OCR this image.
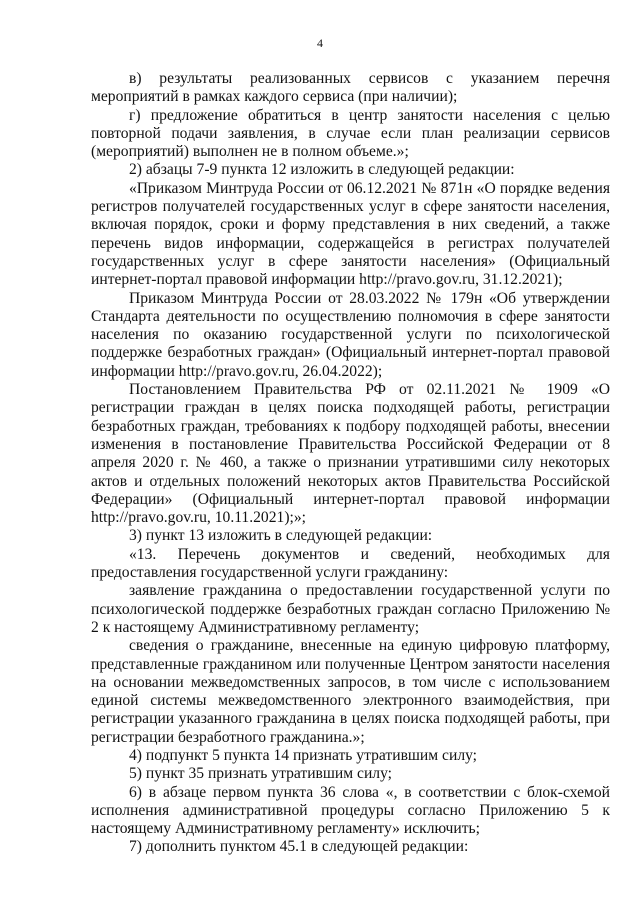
4

в) результаты реализованных сервисов с указанием перечня мероприятий в рамках каждого сервиса (при наличии);

г) предложение обратиться в центр занятости населения с целью повторной подачи заявления, в случае если план реализации сервисов (мероприятий) выполнен не в полном объеме.»;

2) абзацы 7-9 пункта 12 изложить в следующей редакции:

«Приказом Минтруда России от 06.12.2021 № 871н «О порядке ведения регистров получателей государственных услуг в сфере занятости населения, включая порядок, сроки и форму представления в них сведений, а также перечень видов информации, содержащейся в регистрах получателей государственных услуг в сфере занятости населения» (Официальный интернет-портал правовой информации http://pravo.gov.ru, 31.12.2021);

Приказом Минтруда России от 28.03.2022 № 179н «Об утверждении Стандарта деятельности по осуществлению полномочия в сфере занятости населения по оказанию государственной услуги по психологической поддержке безработных граждан» (Официальный интернет-портал правовой информации http://pravo.gov.ru, 26.04.2022);

Постановлением Правительства РФ от 02.11.2021 № 1909 «О регистрации граждан в целях поиска подходящей работы, регистрации безработных граждан, требованиях к подбору подходящей работы, внесении изменения в постановление Правительства Российской Федерации от 8 апреля 2020 г. № 460, а также о признании утратившими силу некоторых актов и отдельных положений некоторых актов Правительства Российской Федерации» (Официальный интернет-портал правовой информации http://pravo.gov.ru, 10.11.2021);»;

3) пункт 13 изложить в следующей редакции:

«13. Перечень документов и сведений, необходимых для предоставления государственной услуги гражданину:

заявление гражданина о предоставлении государственной услуги по психологической поддержке безработных граждан согласно Приложению № 2 к настоящему Административному регламенту;

сведения о гражданине, внесенные на единую цифровую платформу, представленные гражданином или полученные Центром занятости населения на основании межведомственных запросов, в том числе с использованием единой системы межведомственного электронного взаимодействия, при регистрации указанного гражданина в целях поиска подходящей работы, при регистрации безработного гражданина.»;

4) подпункт 5 пункта 14 признать утратившим силу;

5) пункт 35 признать утратившим силу;

6) в абзаце первом пункта 36 слова «, в соответствии с блок-схемой исполнения административной процедуры согласно Приложению 5 к настоящему Административному регламенту» исключить;

7) дополнить пунктом 45.1 в следующей редакции:
